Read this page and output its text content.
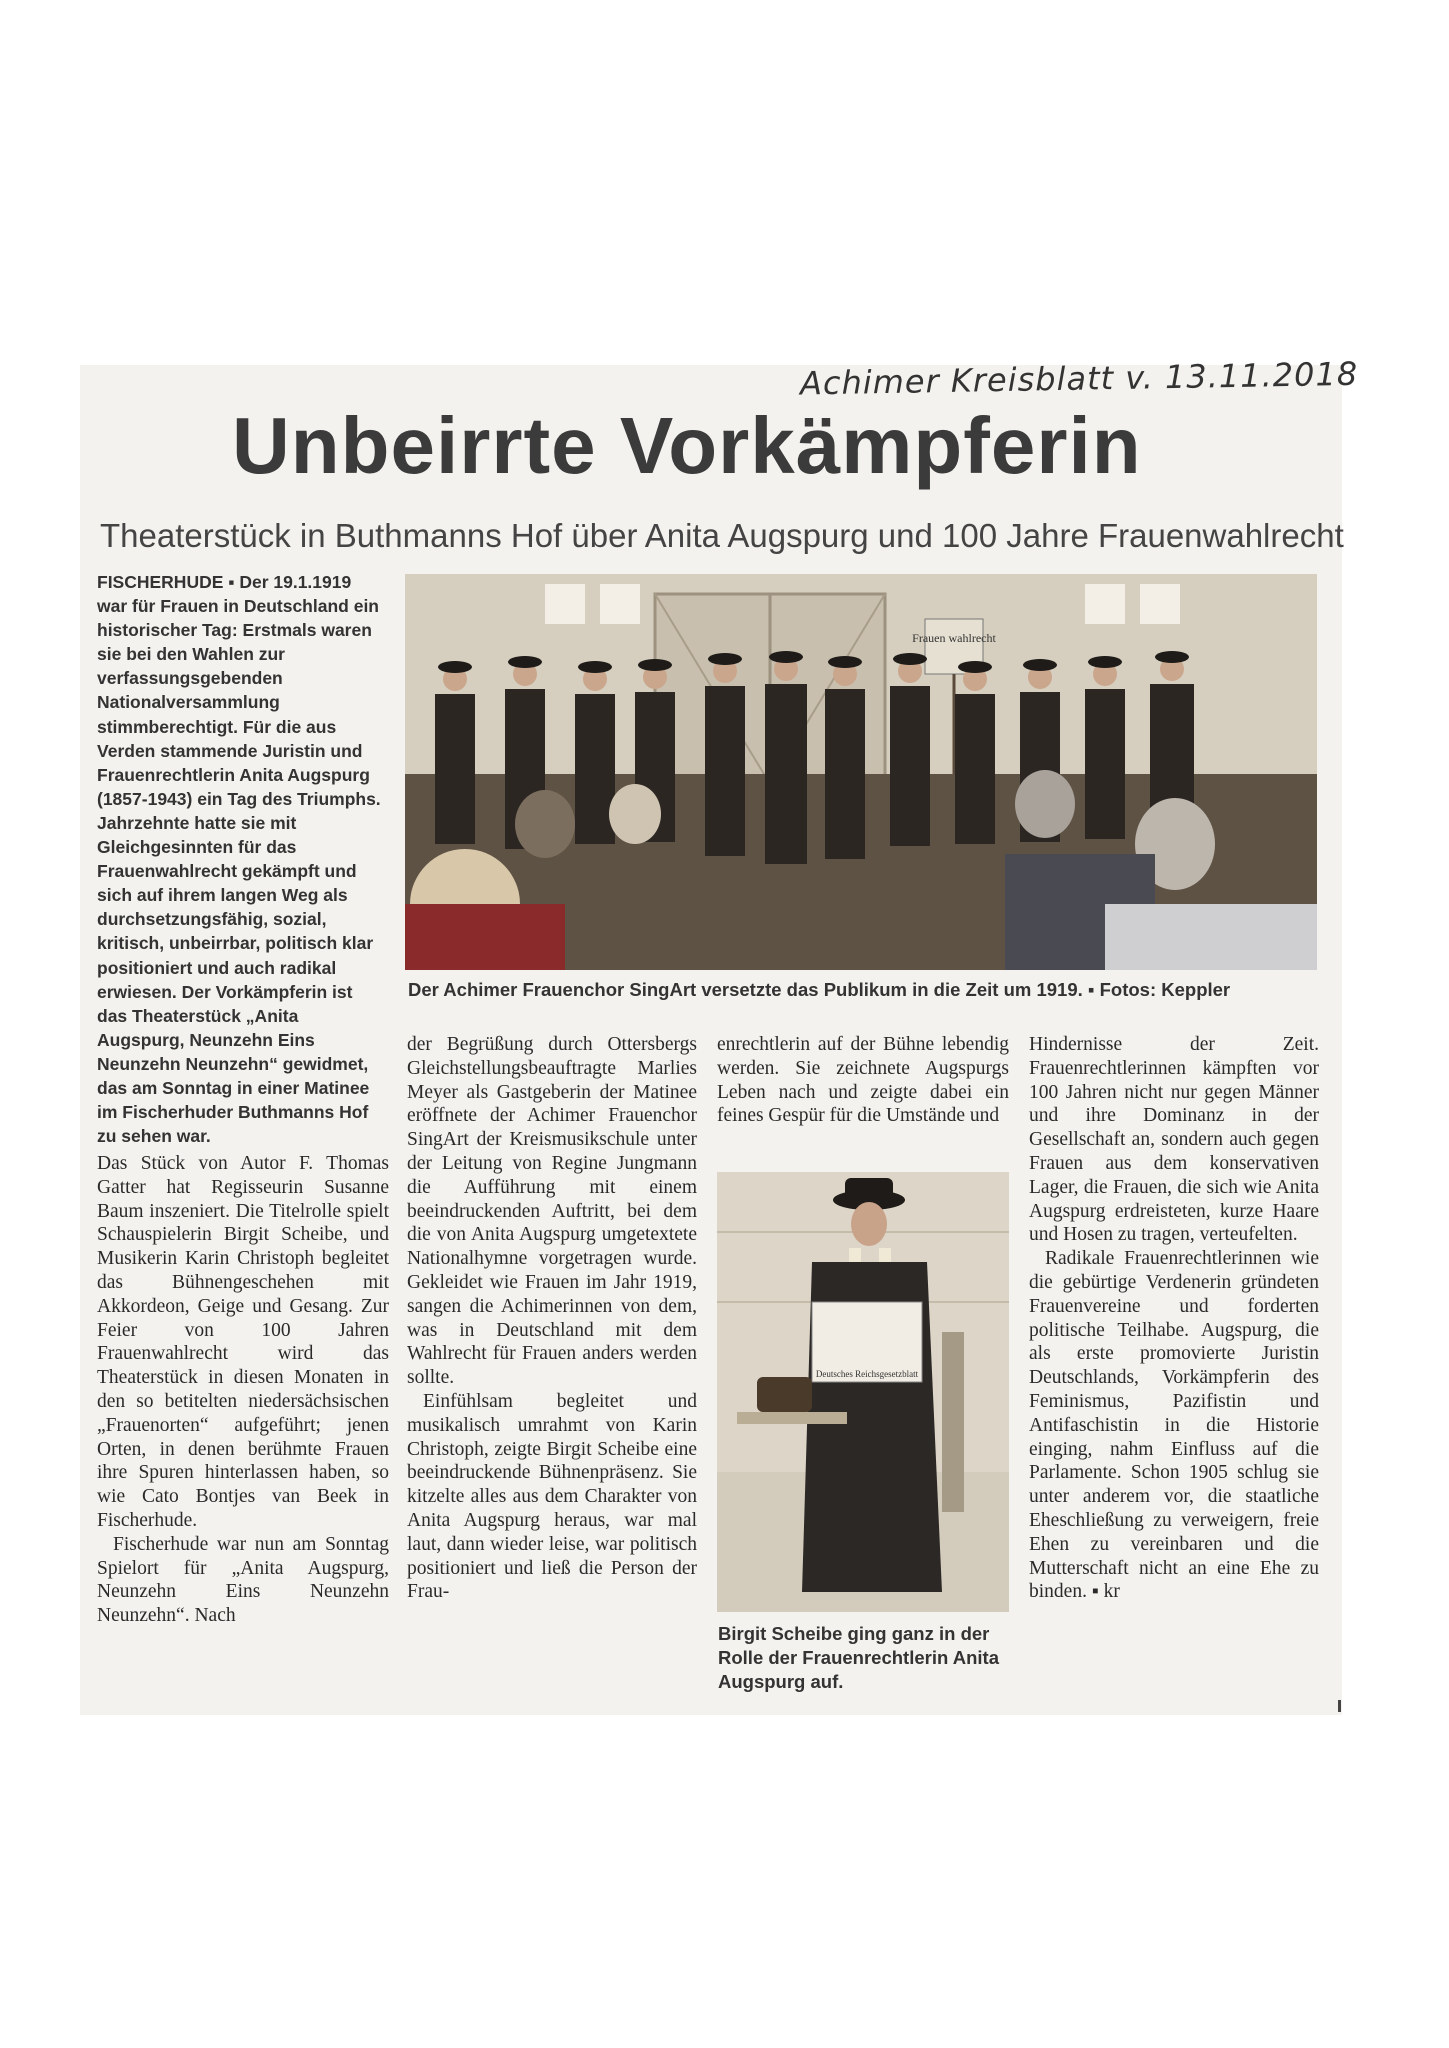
Achimer Kreisblatt v. 13.11.2018
Unbeirrte Vorkämpferin
Theaterstück in Buthmanns Hof über Anita Augspurg und 100 Jahre Frauenwahlrecht
FISCHERHUDE ▪ Der 19.1.1919 war für Frauen in Deutschland ein historischer Tag: Erstmals waren sie bei den Wahlen zur verfassungsgebenden Nationalversammlung stimmberechtigt. Für die aus Verden stammende Juristin und Frauenrechtlerin Anita Augspurg (1857-1943) ein Tag des Triumphs. Jahrzehnte hatte sie mit Gleichgesinnten für das Frauenwahlrecht gekämpft und sich auf ihrem langen Weg als durchsetzungsfähig, sozial, kritisch, unbeirrbar, politisch klar positioniert und auch radikal erwiesen. Der Vorkämpferin ist das Theaterstück „Anita Augspurg, Neunzehn Eins Neunzehn Neunzehn“ gewidmet, das am Sonntag in einer Matinee im Fischerhuder Buthmanns Hof zu sehen war.
Frauen wahlrecht
Der Achimer Frauenchor SingArt versetzte das Publikum in die Zeit um 1919. ▪ Fotos: Keppler

Das Stück von Autor F. Thomas Gatter hat Regisseurin Susanne Baum inszeniert. Die Titelrolle spielt Schauspielerin Birgit Scheibe, und Musikerin Karin Christoph begleitet das Bühnengeschehen mit Akkordeon, Geige und Gesang. Zur Feier von 100 Jahren Frauenwahlrecht wird das Theaterstück in diesen Monaten in den so betitelten niedersächsischen „Frauenorten“ aufgeführt; jenen Orten, in denen berühmte Frauen ihre Spuren hinterlassen haben, so wie Cato Bontjes van Beek in Fischerhude.

Fischerhude war nun am Sonntag Spielort für „Anita Augspurg, Neunzehn Eins Neunzehn Neunzehn“. Nach

der Begrüßung durch Ottersbergs Gleichstellungsbeauftragte Marlies Meyer als Gastgeberin der Matinee eröffnete der Achimer Frauenchor SingArt der Kreismusikschule unter der Leitung von Regine Jungmann die Aufführung mit einem beeindruckenden Auftritt, bei dem die von Anita Augspurg umgetextete Nationalhymne vorgetragen wurde. Gekleidet wie Frauen im Jahr 1919, sangen die Achimerinnen von dem, was in Deutschland mit dem Wahlrecht für Frauen anders werden sollte.

Einfühlsam begleitet und musikalisch umrahmt von Karin Christoph, zeigte Birgit Scheibe eine beeindruckende Bühnenpräsenz. Sie kitzelte alles aus dem Charakter von Anita Augspurg heraus, war mal laut, dann wieder leise, war politisch positioniert und ließ die Person der Frau-

enrechtlerin auf der Bühne lebendig werden. Sie zeichnete Augspurgs Leben nach und zeigte dabei ein feines Gespür für die Umstände und

Deutsches Reichsgesetzblatt
Birgit Scheibe ging ganz in der Rolle der Frauenrechtlerin Anita Augspurg auf.

Hindernisse der Zeit. Frauenrechtlerinnen kämpften vor 100 Jahren nicht nur gegen Männer und ihre Dominanz in der Gesellschaft an, sondern auch gegen Frauen aus dem konservativen Lager, die Frauen, die sich wie Anita Augspurg erdreisteten, kurze Haare und Hosen zu tragen, verteufelten.

Radikale Frauenrechtlerinnen wie die gebürtige Verdenerin gründeten Frauenvereine und forderten politische Teilhabe. Augspurg, die als erste promovierte Juristin Deutschlands, Vorkämpferin des Feminismus, Pazifistin und Antifaschistin in die Historie einging, nahm Einfluss auf die Parlamente. Schon 1905 schlug sie unter anderem vor, die staatliche Eheschließung zu verweigern, freie Ehen zu vereinbaren und die Mutterschaft nicht an eine Ehe zu binden. ▪ kr
